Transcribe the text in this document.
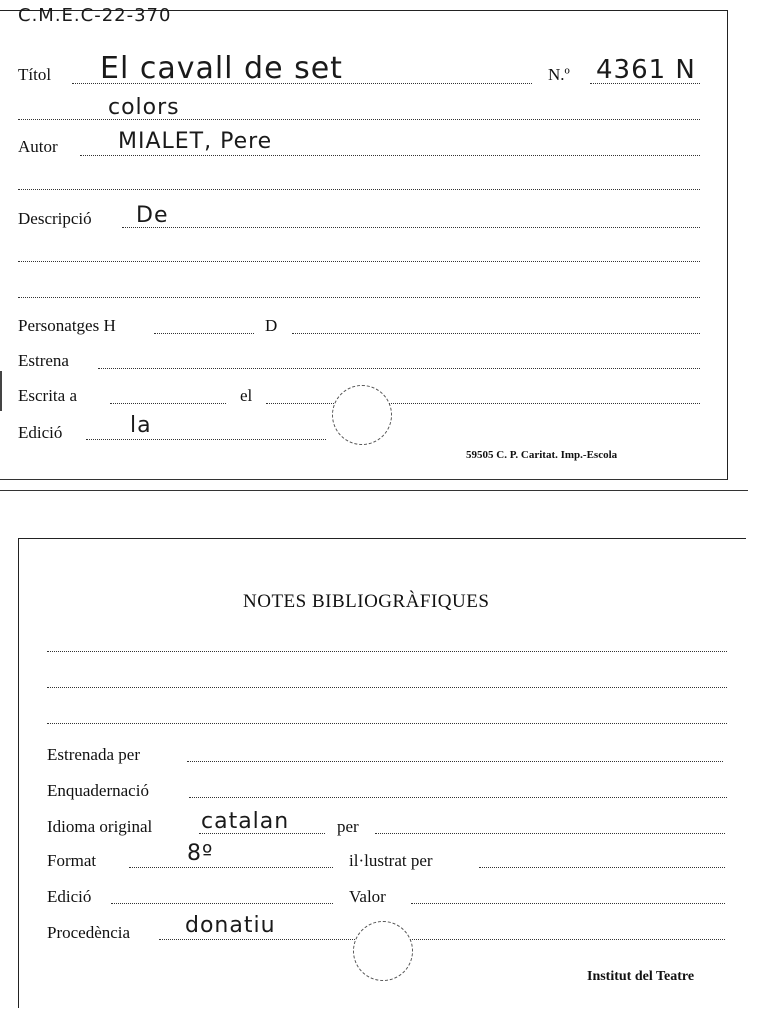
C.M.E.C-22-370
Títol El cavall de set	N.º 4361 N
colors
Autor	MIALET, Pere
Descripció De
Personatges H	D
Estrena
Escrita a	el
Edició	la
59505 C. P. Caritat. Imp.-Escola
NOTES BIBLIOGRÀFIQUES
Estrenada per
Enquadernació
Idioma original catalan	per
Format	8º	il·lustrat per
Edició	Valor
Procedència donatiu
Institut del Teatre
